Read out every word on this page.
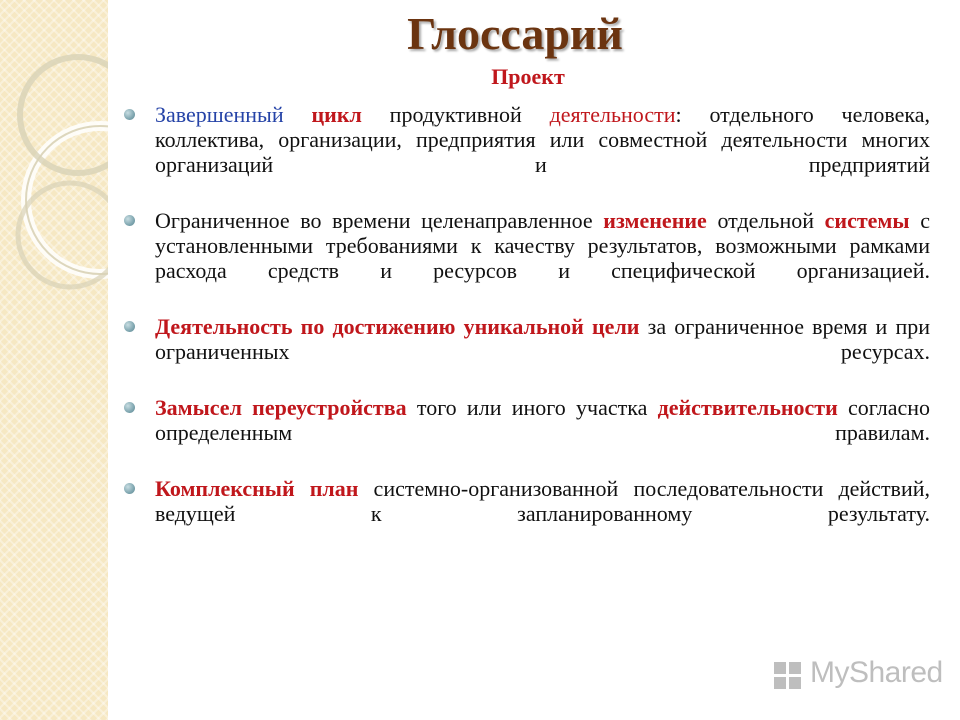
Глоссарий
Проект
Завершенный цикл продуктивной деятельности: отдельного человека, коллектива, организации, предприятия или совместной деятельности многих организаций и предприятий
Ограниченное во времени целенаправленное изменение отдельной системы с установленными требованиями к качеству результатов, возможными рамками расхода средств и ресурсов и специфической организацией.
Деятельность по достижению уникальной цели за ограниченное время и при ограниченных ресурсах.
Замысел переустройства того или иного участка действительности согласно определенным правилам.
Комплексный план системно-организованной последовательности действий, ведущей к запланированному результату.
MyShared
